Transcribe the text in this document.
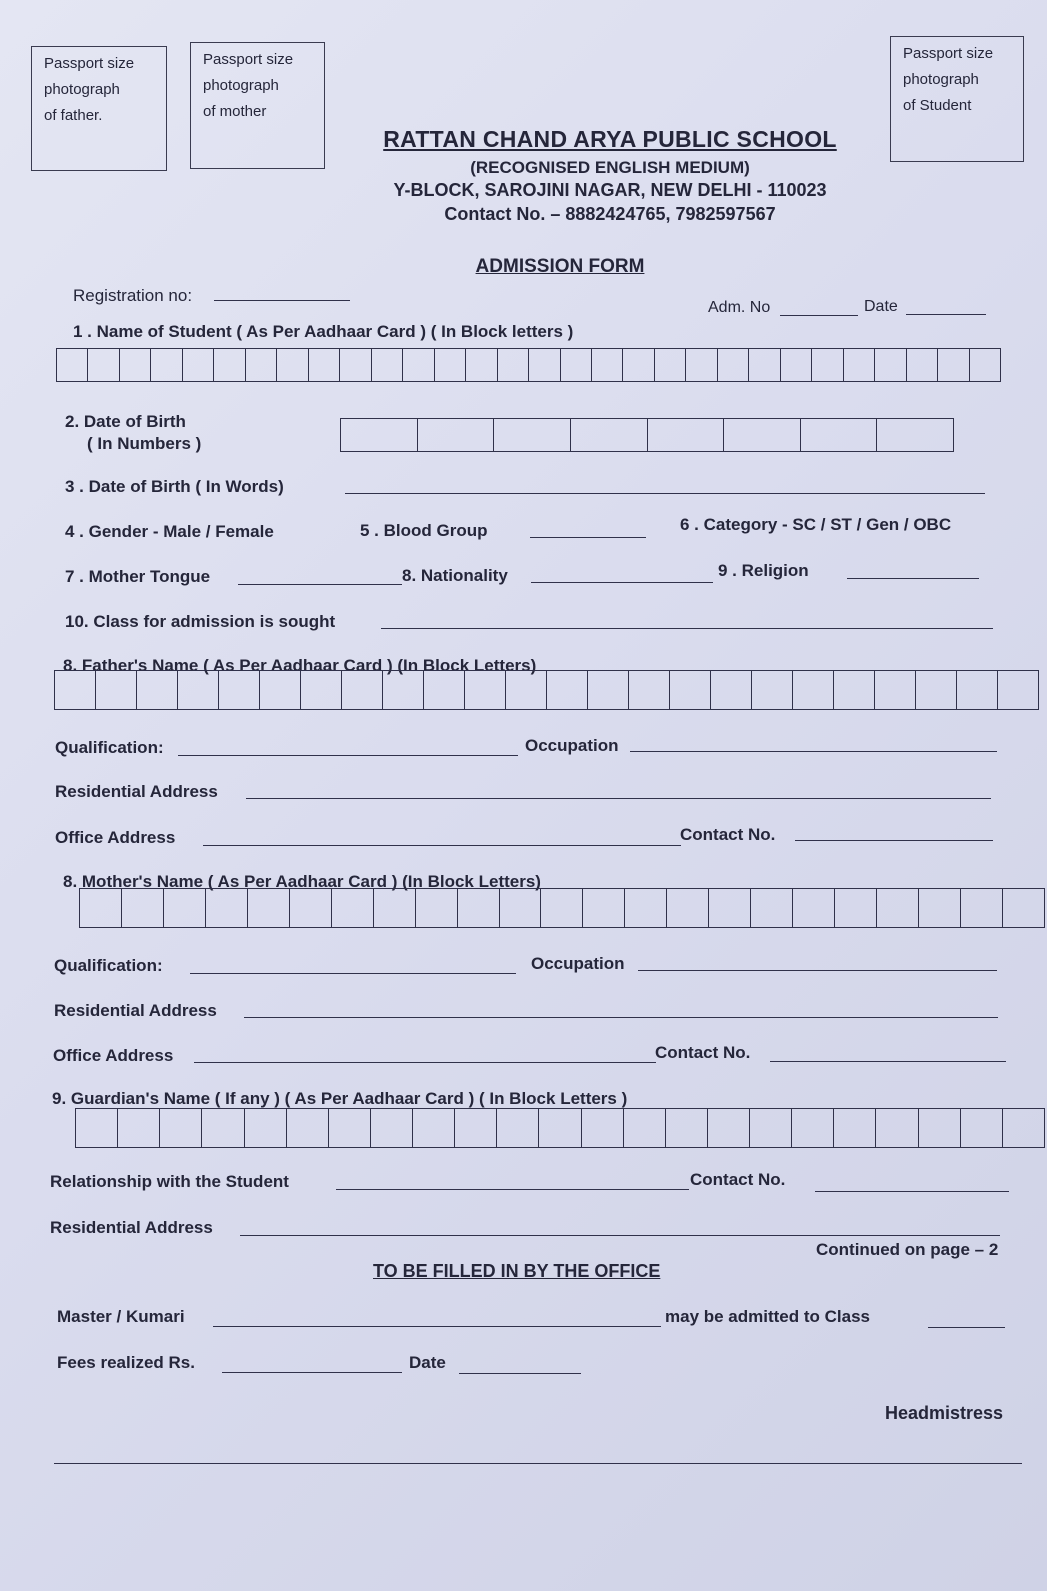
Passport size
photograph
of father.
Passport size
photograph
of mother
Passport size
photograph
of Student
RATTAN CHAND ARYA PUBLIC SCHOOL
(RECOGNISED ENGLISH MEDIUM)
Y-BLOCK, SAROJINI NAGAR, NEW DELHI - 110023
Contact No. – 8882424765, 7982597567
ADMISSION FORM
Registration no:
Adm. No	Date
1 . Name of Student ( As Per Aadhaar Card ) ( In Block letters )
2. Date of Birth
( In Numbers )
3 . Date of Birth ( In Words)
4 . Gender - Male / Female	5 . Blood Group	6 . Category - SC / ST / Gen / OBC
7 . Mother Tongue	8. Nationality	9 . Religion
10. Class for admission is sought
8. Father's Name ( As Per Aadhaar Card ) (In Block Letters)
Qualification:	Occupation
Residential Address
Office Address	Contact No.
8. Mother's Name ( As Per Aadhaar Card ) (In Block Letters)
Qualification:	Occupation
Residential Address
Office Address	Contact No.
9. Guardian's Name ( If any ) ( As Per Aadhaar Card ) ( In Block Letters )
Relationship with the Student	Contact No.
Residential Address
Continued on page – 2
TO BE FILLED IN BY THE OFFICE
Master / Kumari	may be admitted to Class
Fees realized Rs.	Date
Headmistress
